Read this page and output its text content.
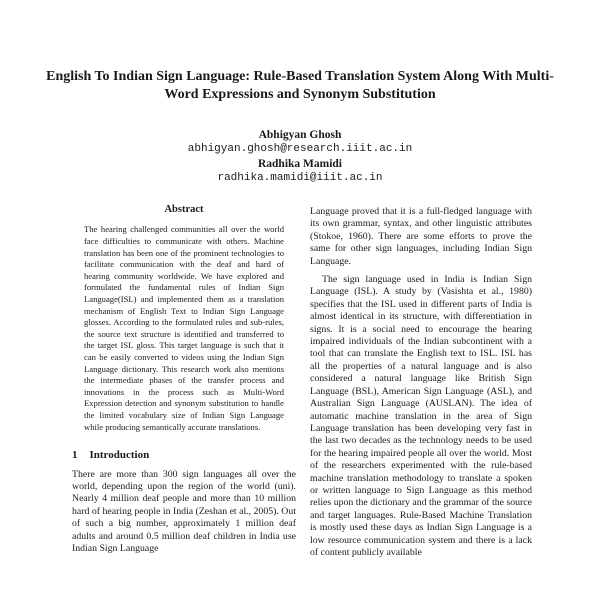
English To Indian Sign Language: Rule-Based Translation System Along With Multi-Word Expressions and Synonym Substitution
Abhigyan Ghosh
abhigyan.ghosh@research.iiit.ac.in
Radhika Mamidi
radhika.mamidi@iiit.ac.in
Abstract
The hearing challenged communities all over the world face difficulties to communicate with others. Machine translation has been one of the prominent technologies to facilitate communication with the deaf and hard of hearing community worldwide. We have explored and formulated the fundamental rules of Indian Sign Language(ISL) and implemented them as a translation mechanism of English Text to Indian Sign Language glosses. According to the formulated rules and sub-rules, the source text structure is identified and transferred to the target ISL gloss. This target language is such that it can be easily converted to videos using the Indian Sign Language dictionary. This research work also mentions the intermediate phases of the transfer process and innovations in the process such as Multi-Word Expression detection and synonym substitution to handle the limited vocabulary size of Indian Sign Language while producing semantically accurate translations.
1 Introduction

There are more than 300 sign languages all over the world, depending upon the region of the world (uni). Nearly 4 million deaf people and more than 10 million hard of hearing people in India (Zeshan et al., 2005). Out of such a big number, approximately 1 million deaf adults and around 0.5 million deaf children in India use Indian Sign Language

Language proved that it is a full-fledged language with its own grammar, syntax, and other linguistic attributes (Stokoe, 1960). There are some efforts to prove the same for other sign languages, including Indian Sign Language.

The sign language used in India is Indian Sign Language (ISL). A study by (Vasishta et al., 1980) specifies that the ISL used in different parts of India is almost identical in its structure, with differentiation in signs. It is a social need to encourage the hearing impaired individuals of the Indian subcontinent with a tool that can translate the English text to ISL. ISL has all the properties of a natural language and is also considered a natural language like British Sign Language (BSL), American Sign Language (ASL), and Australian Sign Language (AUSLAN). The idea of automatic machine translation in the area of Sign Language translation has been developing very fast in the last two decades as the technology needs to be used for the hearing impaired people all over the world. Most of the researchers experimented with the rule-based machine translation methodology to translate a spoken or written language to Sign Language as this method relies upon the dictionary and the grammar of the source and target languages. Rule-Based Machine Translation is mostly used these days as Indian Sign Language is a low resource communication system and there is a lack of content publicly available
